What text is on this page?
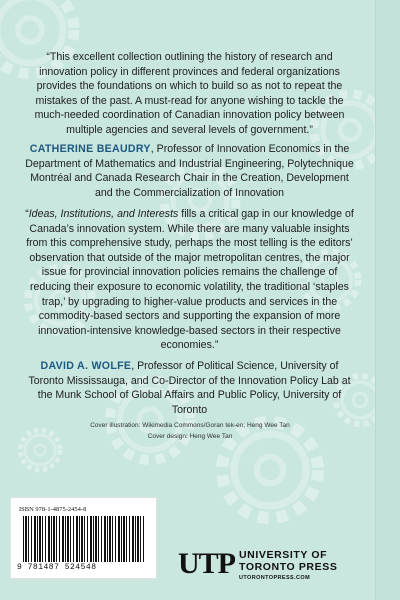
“This excellent collection outlining the history of research and innovation policy in different provinces and federal organizations provides the foundations on which to build so as not to repeat the mistakes of the past. A must-read for anyone wishing to tackle the much-needed coordination of Canadian innovation policy between multiple agencies and several levels of government.”

CATHERINE BEAUDRY, Professor of Innovation Economics in the Department of Mathematics and Industrial Engineering, Polytechnique Montréal and Canada Research Chair in the Creation, Development and the Commercialization of Innovation

“Ideas, Institutions, and Interests fills a critical gap in our knowledge of Canada’s innovation system. While there are many valuable insights from this comprehensive study, perhaps the most telling is the editors’ observation that outside of the major metropolitan centres, the major issue for provincial innovation policies remains the challenge of reducing their exposure to economic volatility, the traditional ‘staples trap,’ by upgrading to higher-value products and services in the commodity-based sectors and supporting the expansion of more innovation-intensive knowledge-based sectors in their respective economies.”

DAVID A. WOLFE, Professor of Political Science, University of Toronto Mississauga, and Co-Director of the Innovation Policy Lab at the Munk School of Global Affairs and Public Policy, University of Toronto

Cover illustration: Wikimedia Commons/Goran tek-en; Heng Wee Tan
Cover design: Heng Wee Tan
ISBN 978-1-4875-2454-8
9 781487 524548	UTP UNIVERSITY OF
TORONTO PRESS
UTORONTOPRESS.COM
